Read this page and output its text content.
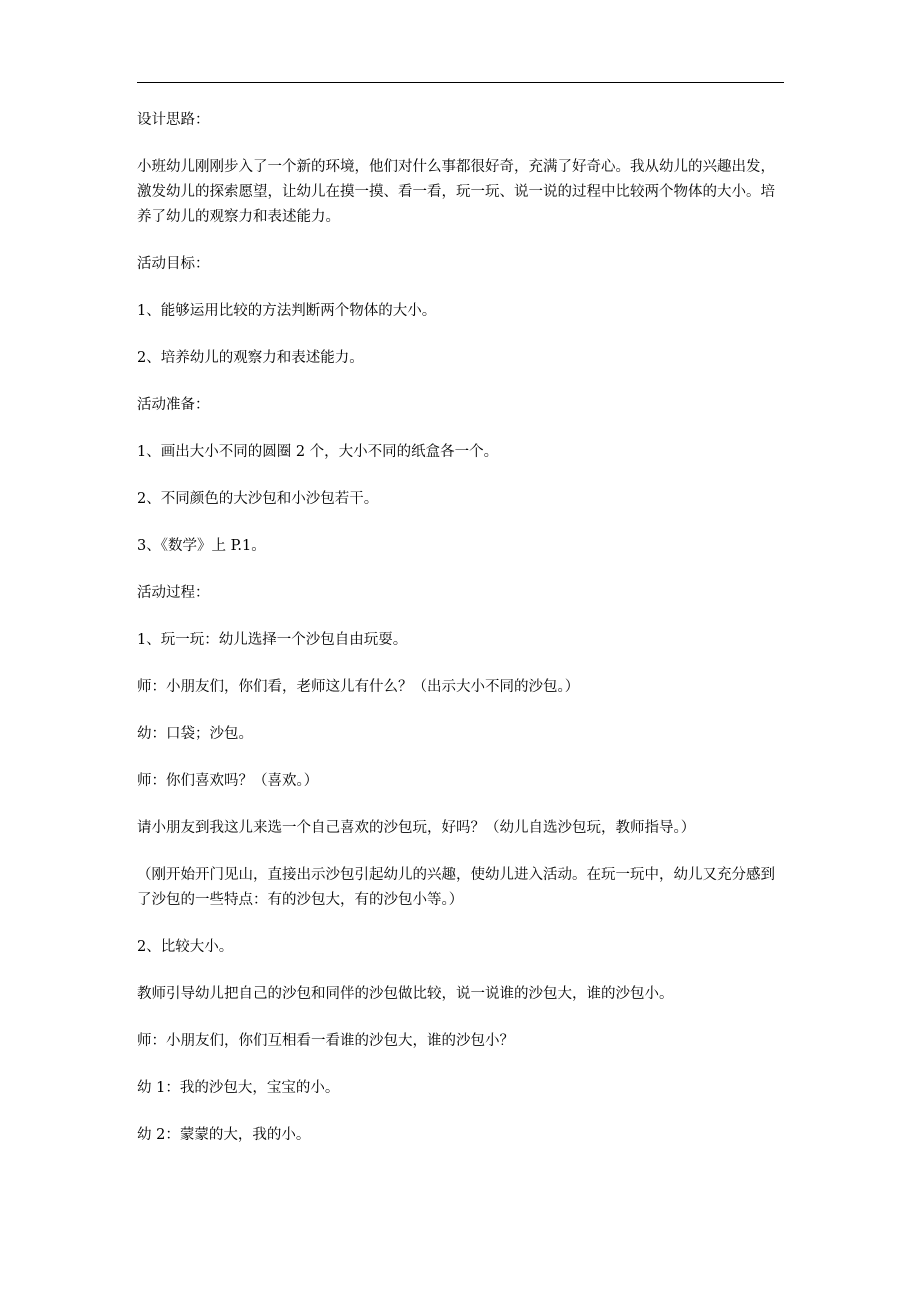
设计思路：

小班幼儿刚刚步入了一个新的环境，他们对什么事都很好奇，充满了好奇心。我从幼儿的兴趣出发，激发幼儿的探索愿望，让幼儿在摸一摸、看一看，玩一玩、说一说的过程中比较两个物体的大小。培养了幼儿的观察力和表述能力。

活动目标：

1、能够运用比较的方法判断两个物体的大小。

2、培养幼儿的观察力和表述能力。

活动准备：

1、画出大小不同的圆圈 2 个，大小不同的纸盒各一个。

2、不同颜色的大沙包和小沙包若干。

3、《数学》上 P.1。

活动过程：

1、玩一玩：幼儿选择一个沙包自由玩耍。

师：小朋友们，你们看，老师这儿有什么？（出示大小不同的沙包。）

幼：口袋；沙包。

师：你们喜欢吗？（喜欢。）

请小朋友到我这儿来选一个自己喜欢的沙包玩，好吗？（幼儿自选沙包玩，教师指导。）

（刚开始开门见山，直接出示沙包引起幼儿的兴趣，使幼儿进入活动。在玩一玩中，幼儿又充分感到了沙包的一些特点：有的沙包大，有的沙包小等。）

2、比较大小。

教师引导幼儿把自己的沙包和同伴的沙包做比较，说一说谁的沙包大，谁的沙包小。

师：小朋友们，你们互相看一看谁的沙包大，谁的沙包小？

幼 1：我的沙包大，宝宝的小。

幼 2：蒙蒙的大，我的小。
